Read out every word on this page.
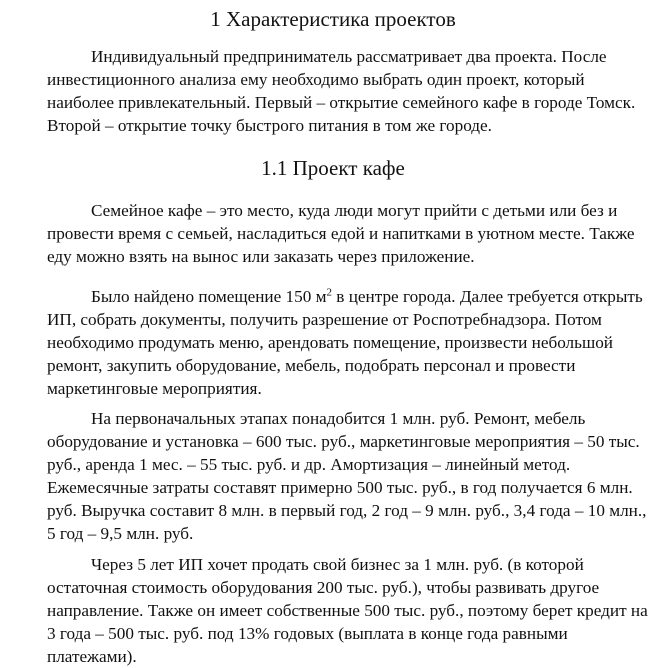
1 Характеристика проектов

Индивидуальный предприниматель рассматривает два проекта. После инвестиционного анализа ему необходимо выбрать один проект, который наиболее привлекательный. Первый – открытие семейного кафе в городе Томск. Второй – открытие точку быстрого питания в том же городе.

1.1 Проект кафе

Семейное кафе – это место, куда люди могут прийти с детьми или без и провести время с семьей, насладиться едой и напитками в уютном месте. Также еду можно взять на вынос или заказать через приложение.

Было найдено помещение 150 $м^2$ в центре города. Далее требуется открыть ИП, собрать документы, получить разрешение от Роспотребнадзора. Потом необходимо продумать меню, арендовать помещение, произвести небольшой ремонт, закупить оборудование, мебель, подобрать персонал и провести маркетинговые мероприятия.

На первоначальных этапах понадобится 1 млн. руб. Ремонт, мебель оборудование и установка – 600 тыс. руб., маркетинговые мероприятия – 50 тыс. руб., аренда 1 мес. – 55 тыс. руб. и др. Амортизация – линейный метод. Ежемесячные затраты составят примерно 500 тыс. руб., в год получается 6 млн. руб. Выручка составит 8 млн. в первый год, 2 год – 9 млн. руб., 3,4 года – 10 млн., 5 год – 9,5 млн. руб.

Через 5 лет ИП хочет продать свой бизнес за 1 млн. руб. (в которой остаточная стоимость оборудования 200 тыс. руб.), чтобы развивать другое направление. Также он имеет собственные 500 тыс. руб., поэтому берет кредит на 3 года – 500 тыс. руб. под 13% годовых (выплата в конце года равными платежами).
